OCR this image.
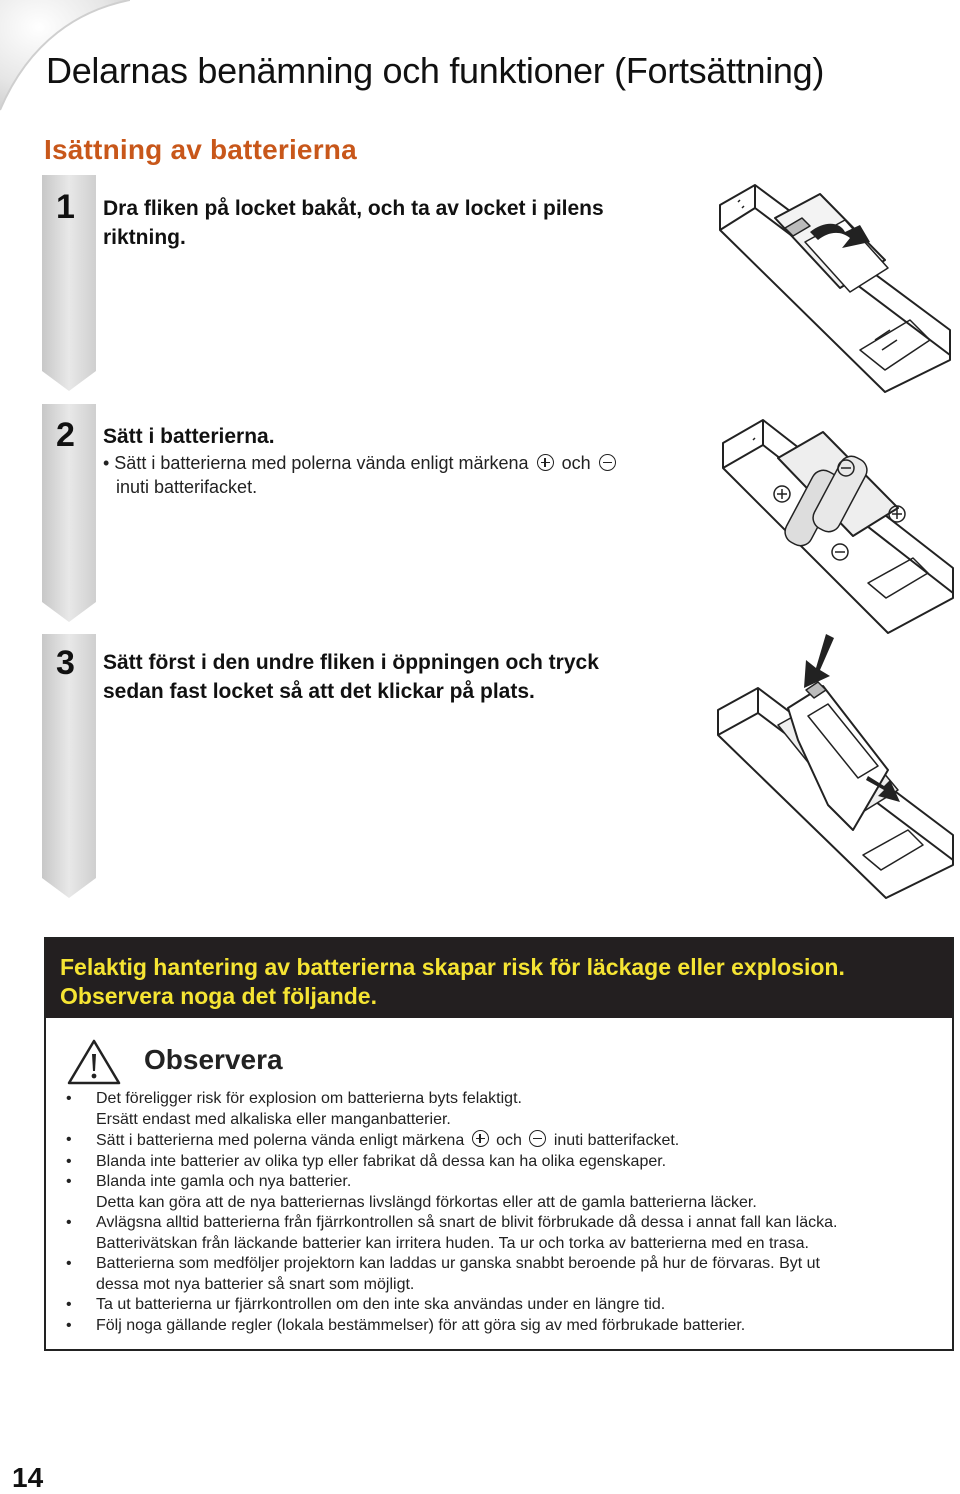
Delarnas benämning och funktioner (Fortsättning)
Isättning av batterierna
1
2
3
Dra fliken på locket bakåt, och ta av locket i pilens
riktning.
Sätt i batterierna.
• Sätt i batterierna med polerna vända enligt märkena och
inuti batterifacket.
Sätt först i den undre fliken i öppningen och tryck
sedan fast locket så att det klickar på plats.
Felaktig hantering av batterierna skapar risk för läckage eller explosion.
Observera noga det följande.
Observera
• Det föreligger risk för explosion om batterierna byts felaktigt.
Ersätt endast med alkaliska eller manganbatterier.
• Sätt i batterierna med polerna vända enligt märkena och inuti batterifacket.
• Blanda inte batterier av olika typ eller fabrikat då dessa kan ha olika egenskaper.
• Blanda inte gamla och nya batterier.
Detta kan göra att de nya batteriernas livslängd förkortas eller att de gamla batterierna läcker.
• Avlägsna alltid batterierna från fjärrkontrollen så snart de blivit förbrukade då dessa i annat fall kan läcka.
Batterivätskan från läckande batterier kan irritera huden. Ta ur och torka av batterierna med en trasa.
• Batterierna som medföljer projektorn kan laddas ur ganska snabbt beroende på hur de förvaras. Byt ut
dessa mot nya batterier så snart som möjligt.
• Ta ut batterierna ur fjärrkontrollen om den inte ska användas under en längre tid.
• Följ noga gällande regler (lokala bestämmelser) för att göra sig av med förbrukade batterier.
14
